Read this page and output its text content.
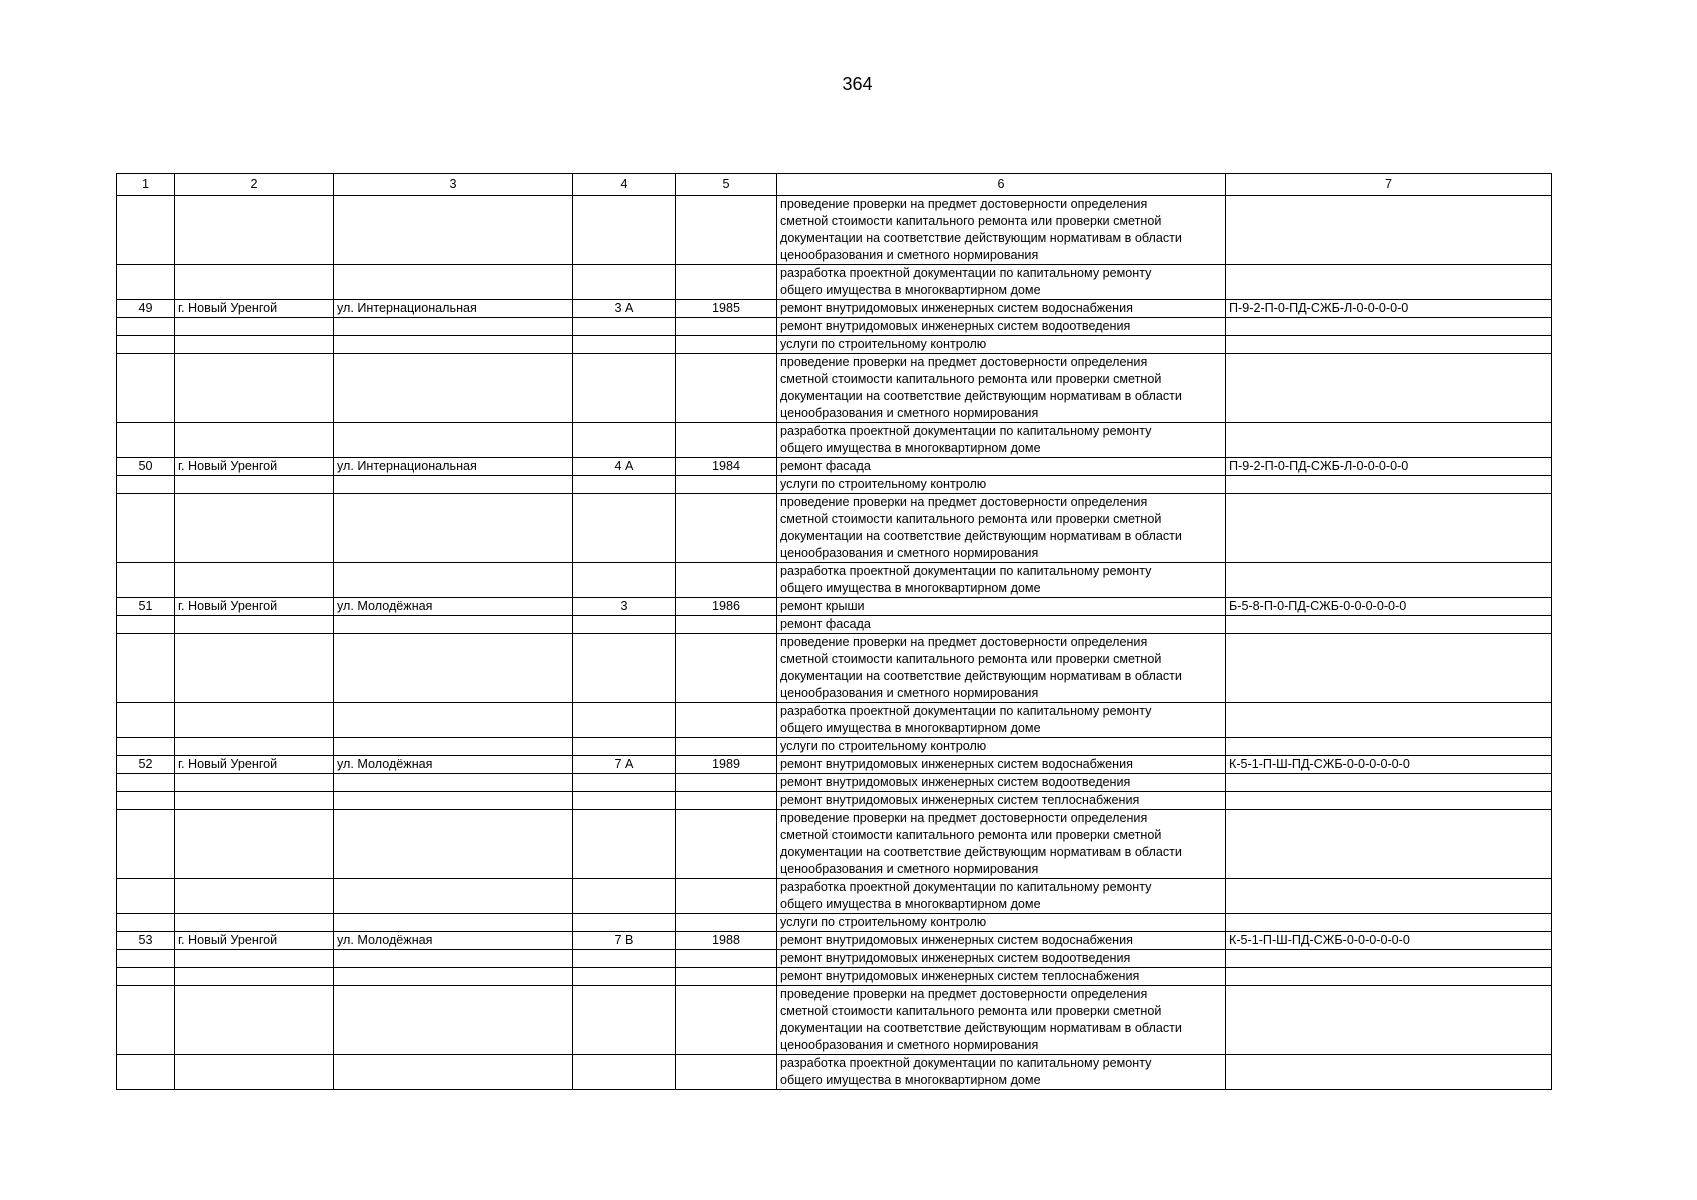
364
1	2	3	4	5	6	7
					проведение проверки на предмет достоверности определения
сметной стоимости капитального ремонта или проверки сметной
документации на соответствие действующим нормативам в области
ценообразования и сметного нормирования	
					разработка проектной документации по капитальному ремонту
общего имущества в многоквартирном доме	
49	г. Новый Уренгой	ул. Интернациональная	3 А	1985	ремонт внутридомовых инженерных систем водоснабжения	П-9-2-П-0-ПД-СЖБ-Л-0-0-0-0-0
					ремонт внутридомовых инженерных систем водоотведения	
					услуги по строительному контролю	
					проведение проверки на предмет достоверности определения
сметной стоимости капитального ремонта или проверки сметной
документации на соответствие действующим нормативам в области
ценообразования и сметного нормирования	
					разработка проектной документации по капитальному ремонту
общего имущества в многоквартирном доме	
50	г. Новый Уренгой	ул. Интернациональная	4 А	1984	ремонт фасада	П-9-2-П-0-ПД-СЖБ-Л-0-0-0-0-0
					услуги по строительному контролю	
					проведение проверки на предмет достоверности определения
сметной стоимости капитального ремонта или проверки сметной
документации на соответствие действующим нормативам в области
ценообразования и сметного нормирования	
					разработка проектной документации по капитальному ремонту
общего имущества в многоквартирном доме	
51	г. Новый Уренгой	ул. Молодёжная	3	1986	ремонт крыши	Б-5-8-П-0-ПД-СЖБ-0-0-0-0-0-0
					ремонт фасада	
					проведение проверки на предмет достоверности определения
сметной стоимости капитального ремонта или проверки сметной
документации на соответствие действующим нормативам в области
ценообразования и сметного нормирования	
					разработка проектной документации по капитальному ремонту
общего имущества в многоквартирном доме	
					услуги по строительному контролю	
52	г. Новый Уренгой	ул. Молодёжная	7 А	1989	ремонт внутридомовых инженерных систем водоснабжения	К-5-1-П-Ш-ПД-СЖБ-0-0-0-0-0-0
					ремонт внутридомовых инженерных систем водоотведения	
					ремонт внутридомовых инженерных систем теплоснабжения	
					проведение проверки на предмет достоверности определения
сметной стоимости капитального ремонта или проверки сметной
документации на соответствие действующим нормативам в области
ценообразования и сметного нормирования	
					разработка проектной документации по капитальному ремонту
общего имущества в многоквартирном доме	
					услуги по строительному контролю	
53	г. Новый Уренгой	ул. Молодёжная	7 В	1988	ремонт внутридомовых инженерных систем водоснабжения	К-5-1-П-Ш-ПД-СЖБ-0-0-0-0-0-0
					ремонт внутридомовых инженерных систем водоотведения	
					ремонт внутридомовых инженерных систем теплоснабжения	
					проведение проверки на предмет достоверности определения
сметной стоимости капитального ремонта или проверки сметной
документации на соответствие действующим нормативам в области
ценообразования и сметного нормирования	
					разработка проектной документации по капитальному ремонту
общего имущества в многоквартирном доме	
